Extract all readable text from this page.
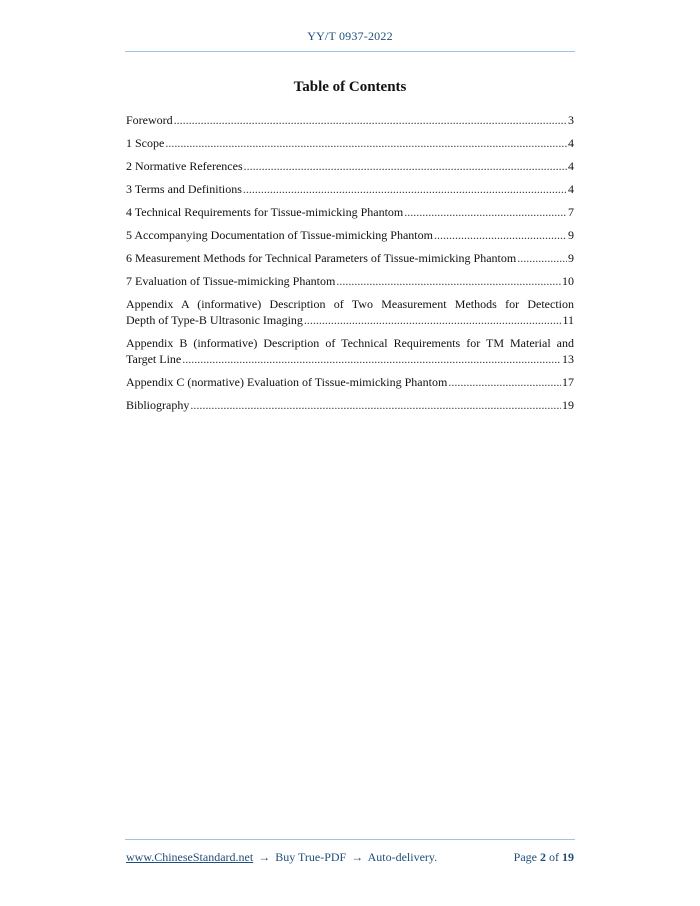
YY/T 0937-2022
Table of Contents
Foreword .....	3
1 Scope .....	4
2 Normative References .....	4
3 Terms and Definitions .....	4
4 Technical Requirements for Tissue-mimicking Phantom .....	7
5 Accompanying Documentation of Tissue-mimicking Phantom .....	9
6 Measurement Methods for Technical Parameters of Tissue-mimicking Phantom .....	9
7 Evaluation of Tissue-mimicking Phantom .....	10
Appendix A (informative) Description of Two Measurement Methods for Detection
Depth of Type-B Ultrasonic Imaging .....	11
Appendix B (informative) Description of Technical Requirements for TM Material and
Target Line .....	13
Appendix C (normative) Evaluation of Tissue-mimicking Phantom .....	17
Bibliography .....	19
www.ChineseStandard.net → Buy True-PDF → Auto-delivery.	Page 2 of 19
